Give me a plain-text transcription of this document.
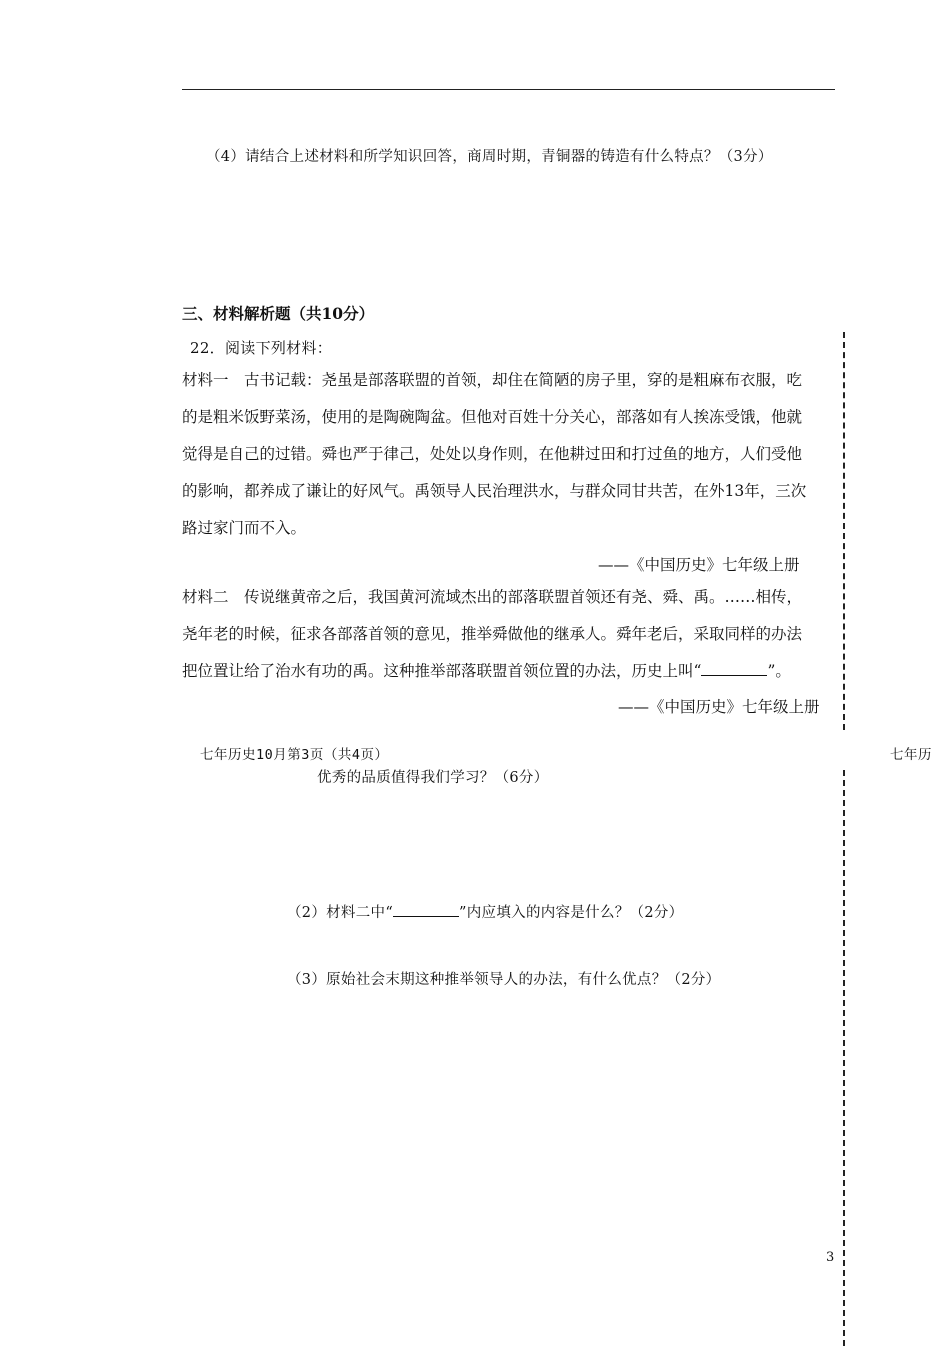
（4）请结合上述材料和所学知识回答，商周时期，青铜器的铸造有什么特点？（3分）
三、材料解析题（共10分）
22．阅读下列材料：

材料一　古书记载：尧虽是部落联盟的首领，却住在简陋的房子里，穿的是粗麻布衣服，吃

的是粗米饭野菜汤，使用的是陶碗陶盆。但他对百姓十分关心，部落如有人挨冻受饿，他就

觉得是自己的过错。舜也严于律己，处处以身作则，在他耕过田和打过鱼的地方，人们受他

的影响，都养成了谦让的好风气。禹领导人民治理洪水，与群众同甘共苦，在外13年，三次

路过家门而不入。

——《中国历史》七年级上册

材料二　传说继黄帝之后，我国黄河流域杰出的部落联盟首领还有尧、舜、禹。……相传，

尧年老的时候，征求各部落首领的意见，推举舜做他的继承人。舜年老后，采取同样的办法

把位置让给了治水有功的禹。这种推举部落联盟首领位置的办法，历史上叫“	”。

——《中国历史》七年级上册
七年历史10月第3页（共4页）	七年历
优秀的品质值得我们学习？（6分）
（2）材料二中“	”内应填入的内容是什么？（2分）
（3）原始社会末期这种推举领导人的办法，有什么优点？（2分）
3
